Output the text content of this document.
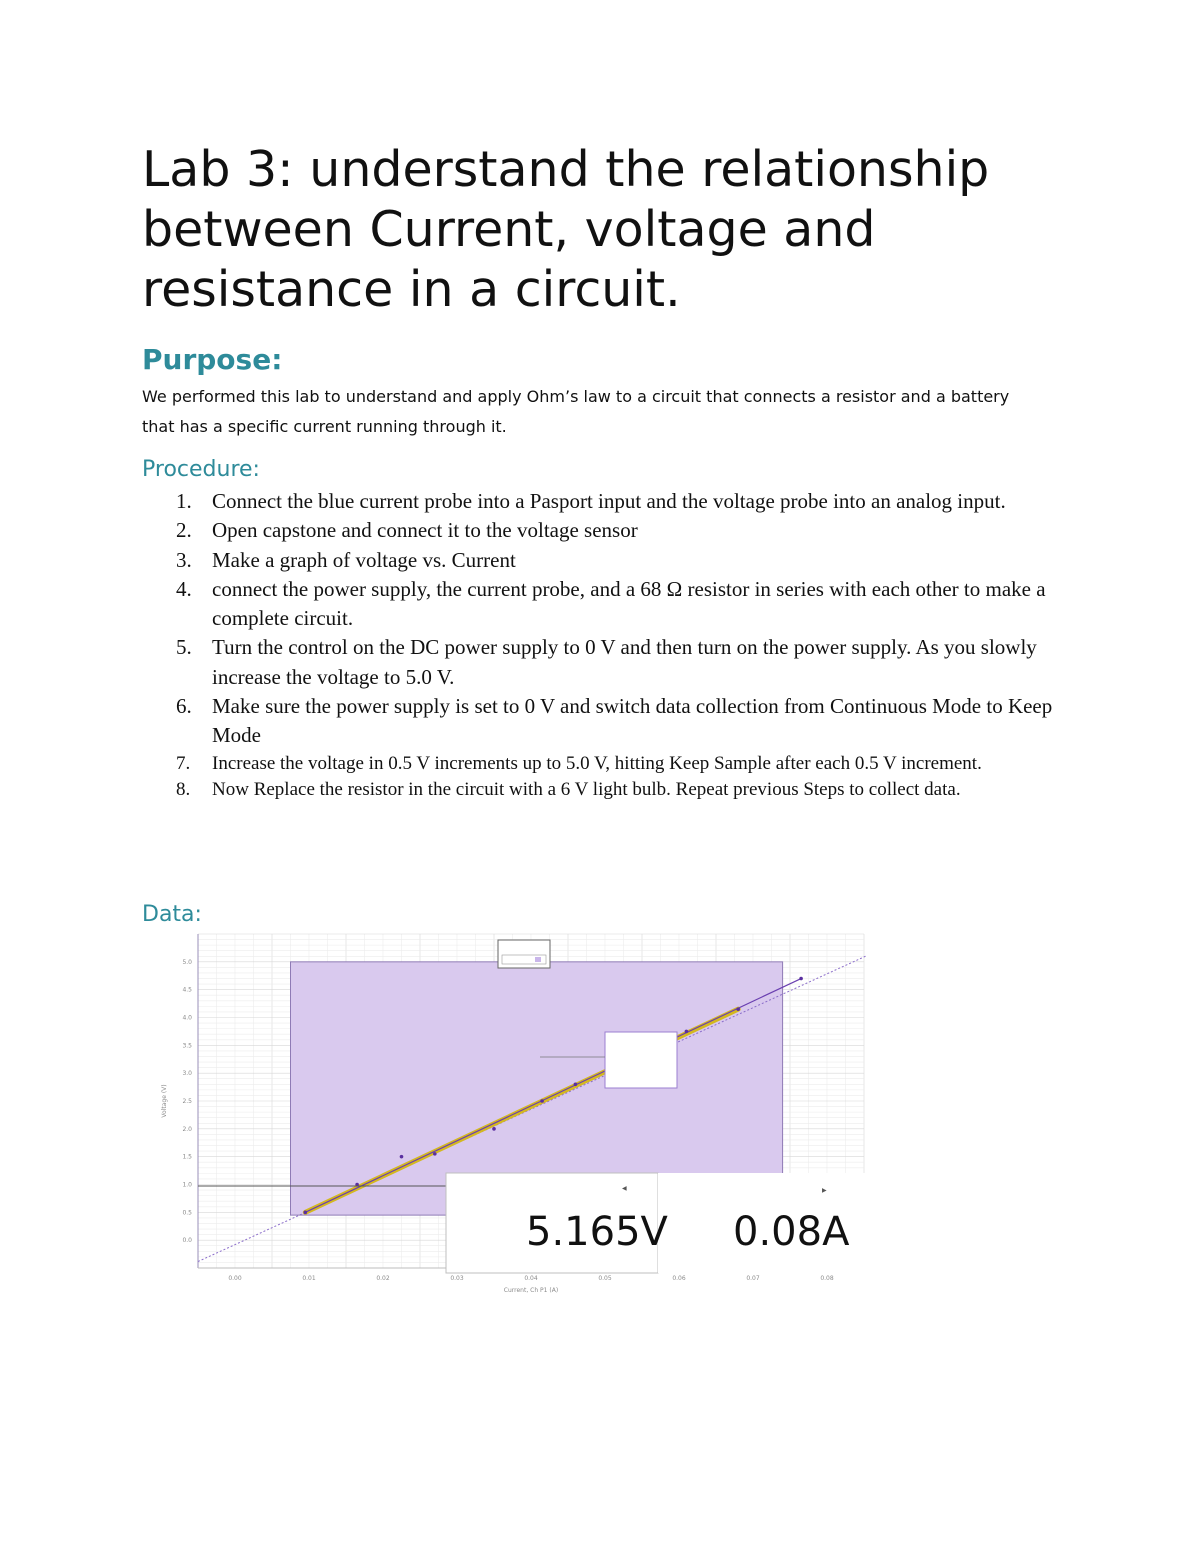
Lab 3: understand the relationship between Current, voltage and resistance in a circuit.
Purpose:

We performed this lab to understand and apply Ohm’s law to a circuit that connects a resistor and a battery that has a specific current running through it.

Procedure:
1. Connect the blue current probe into a Pasport input and the voltage probe into an analog input.
2. Open capstone and connect it to the voltage sensor
3. Make a graph of voltage vs. Current
4. connect the power supply, the current probe, and a 68 Ω resistor in series with each other to make a complete circuit.
5. Turn the control on the DC power supply to 0 V and then turn on the power supply. As you slowly increase the voltage to 5.0 V.
6. Make sure the power supply is set to 0 V and switch data collection from Continuous Mode to Keep Mode
7. Increase the voltage in 0.5 V increments up to 5.0 V, hitting Keep Sample after each 0.5 V increment.
8. Now Replace the resistor in the circuit with a 6 V light bulb. Repeat previous Steps to collect data.
Data:
0.00	0.01	0.02	0.03	0.04	0.05	0.06	0.07	0.08
0.0
0.5
1.0
1.5
2.0
2.5
3.0
3.5
4.0
4.5
5.0
Current, Ch P1 (A)
Voltage (V)
◀	▶
5.165V 0.08A
